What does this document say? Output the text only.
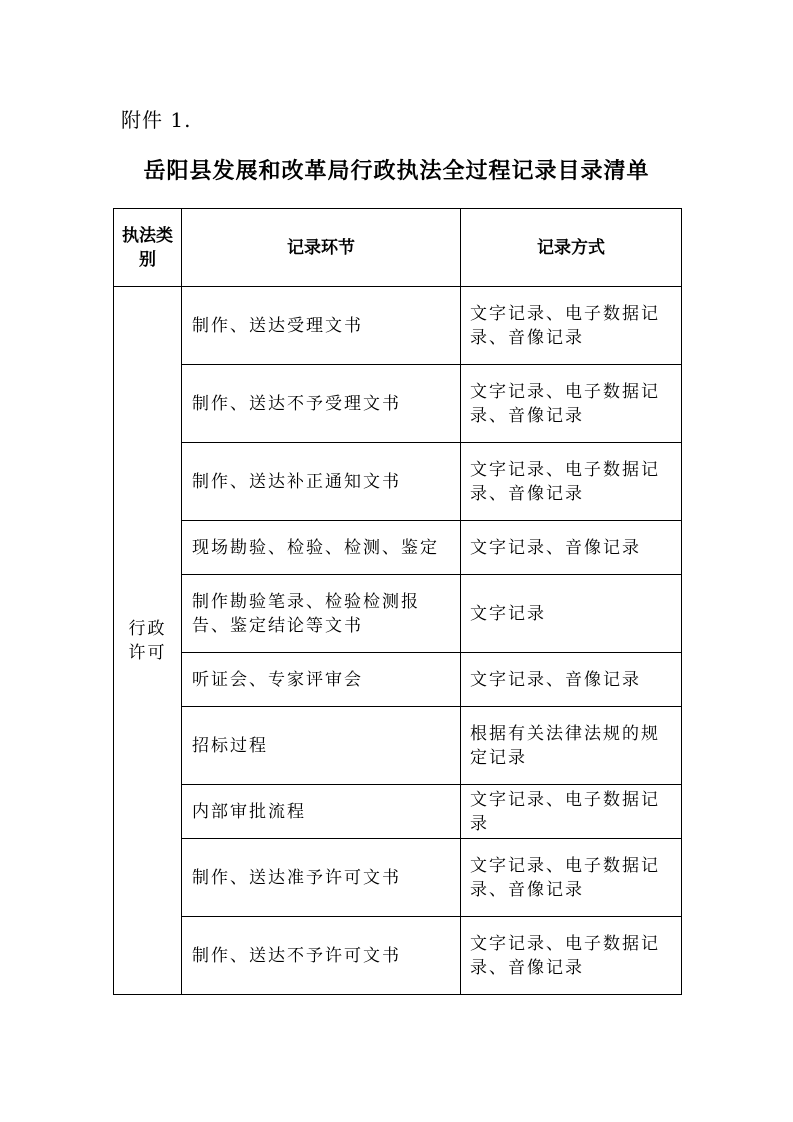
附件 1.
岳阳县发展和改革局行政执法全过程记录目录清单
执法类别	记录环节	记录方式
行政许可	制作、送达受理文书	文字记录、电子数据记录、音像记录
	制作、送达不予受理文书	文字记录、电子数据记录、音像记录
	制作、送达补正通知文书	文字记录、电子数据记录、音像记录
	现场勘验、检验、检测、鉴定	文字记录、音像记录
	制作勘验笔录、检验检测报告、鉴定结论等文书	文字记录
	听证会、专家评审会	文字记录、音像记录
	招标过程	根据有关法律法规的规定记录
	内部审批流程	文字记录、电子数据记录
	制作、送达准予许可文书	文字记录、电子数据记录、音像记录
	制作、送达不予许可文书	文字记录、电子数据记录、音像记录
